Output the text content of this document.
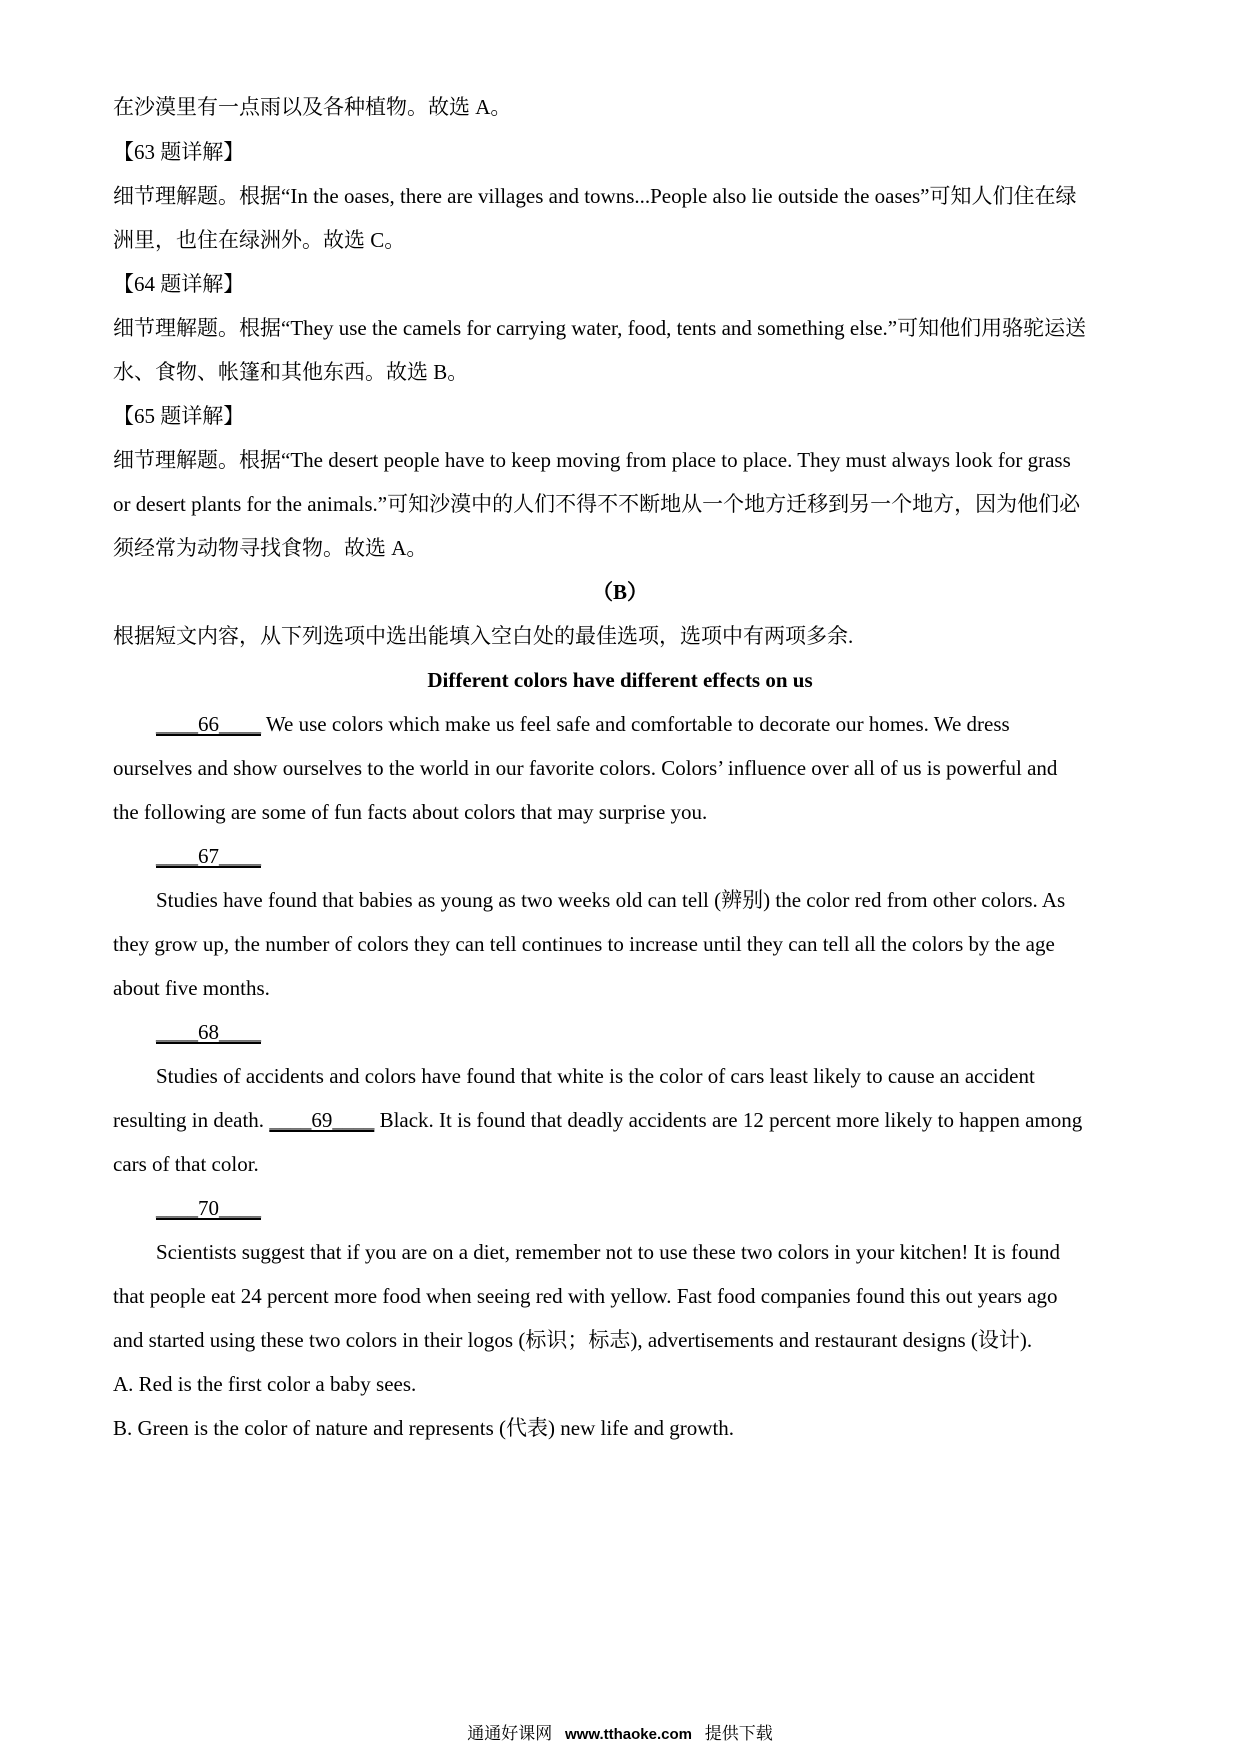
在沙漠里有一点雨以及各种植物。故选 A。
【63 题详解】
细节理解题。根据“In the oases, there are villages and towns...People also lie outside the oases”可知人们住在绿
洲里，也住在绿洲外。故选 C。
【64 题详解】
细节理解题。根据“They use the camels for carrying water, food, tents and something else.”可知他们用骆驼运送
水、食物、帐篷和其他东西。故选 B。
【65 题详解】
细节理解题。根据“The desert people have to keep moving from place to place. They must always look for grass
or desert plants for the animals.”可知沙漠中的人们不得不不断地从一个地方迁移到另一个地方，因为他们必
须经常为动物寻找食物。故选 A。
（B）
根据短文内容，从下列选项中选出能填入空白处的最佳选项，选项中有两项多余.
Different colors have different effects on us
____66____ We use colors which make us feel safe and comfortable to decorate our homes. We dress
ourselves and show ourselves to the world in our favorite colors. Colors’ influence over all of us is powerful and
the following are some of fun facts about colors that may surprise you.
____67____
Studies have found that babies as young as two weeks old can tell (辨别) the color red from other colors. As
they grow up, the number of colors they can tell continues to increase until they can tell all the colors by the age
about five months.
____68____
Studies of accidents and colors have found that white is the color of cars least likely to cause an accident
resulting in death. ____69____ Black. It is found that deadly accidents are 12 percent more likely to happen among
cars of that color.
____70____
Scientists suggest that if you are on a diet, remember not to use these two colors in your kitchen! It is found
that people eat 24 percent more food when seeing red with yellow. Fast food companies found this out years ago
and started using these two colors in their logos (标识；标志), advertisements and restaurant designs (设计).
A. Red is the first color a baby sees.
B. Green is the color of nature and represents (代表) new life and growth.
通通好课网 www.tthaoke.com 提供下载
